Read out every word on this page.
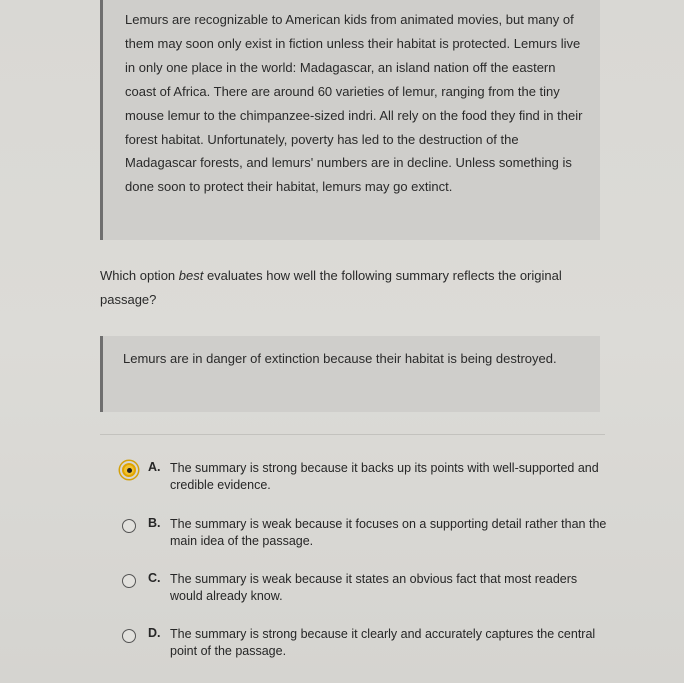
Lemurs are recognizable to American kids from animated movies, but many of them may soon only exist in fiction unless their habitat is protected. Lemurs live in only one place in the world: Madagascar, an island nation off the eastern coast of Africa. There are around 60 varieties of lemur, ranging from the tiny mouse lemur to the chimpanzee-sized indri. All rely on the food they find in their forest habitat. Unfortunately, poverty has led to the destruction of the Madagascar forests, and lemurs' numbers are in decline. Unless something is done soon to protect their habitat, lemurs may go extinct.

Which option best evaluates how well the following summary reflects the original passage?

Lemurs are in danger of extinction because their habitat is being destroyed.

A. The summary is strong because it backs up its points with well-supported and credible evidence.

B. The summary is weak because it focuses on a supporting detail rather than the main idea of the passage.

C. The summary is weak because it states an obvious fact that most readers would already know.

D. The summary is strong because it clearly and accurately captures the central point of the passage.
